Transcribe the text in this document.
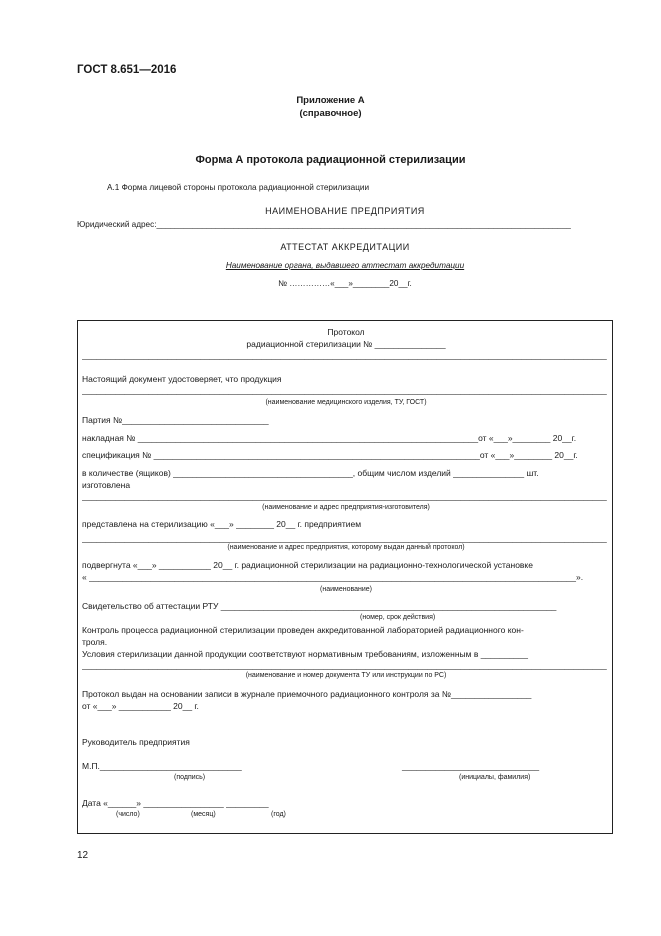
ГОСТ 8.651—2016
Приложение А
(справочное)
Форма А протокола радиационной стерилизации
А.1 Форма лицевой стороны протокола радиационной стерилизации
НАИМЕНОВАНИЕ ПРЕДПРИЯТИЯ
Юридический адрес:___________________________________________________________________________________________
АТТЕСТАТ АККРЕДИТАЦИИ
Наименование органа, выдавшего аттестат аккредитации
№ ……………«___»________20__г.
Протокол
радиационной стерилизации № _______________
_______________________________________________________________________________________________________________
Настоящий документ удостоверяет, что продукция
_______________________________________________________________________________________________________________
(наименование медицинского изделия, ТУ, ГОСТ)
Партия №_______________________________
накладная № ________________________________________________________________________от «___»________ 20__г.
спецификация № _____________________________________________________________________от «___»________ 20__г.
в количестве (ящиков) ______________________________________, общим числом изделий _______________ шт.
изготовлена
_______________________________________________________________________________________________________________
(наименование и адрес предприятия-изготовителя)
представлена на стерилизацию «___» ________ 20__ г. предприятием
_______________________________________________________________________________________________________________
(наименование и адрес предприятия, которому выдан данный протокол)
подвергнута «___» ___________ 20__ г. радиационной стерилизации на радиационно-технологической установке
« _______________________________________________________________________________________________________».
(наименование)
Свидетельство об аттестации РТУ _______________________________________________________________________
(номер, срок действия)
Контроль процесса радиационной стерилизации проведен аккредитованной лабораторией радиационного кон-
троля.
Условия стерилизации данной продукции соответствуют нормативным требованиям, изложенным в __________
_______________________________________________________________________________________________________________
(наименование и номер документа ТУ или инструкции по РС)
Протокол выдан на основании записи в журнале приемочного радиационного контроля за №_________________
от «___» ___________ 20__ г.
Руководитель предприятия
М.П.______________________________	_____________________________
(подпись)	(инициалы, фамилия)
Дата «______» _________________ _________
(число)	(месяц)	(год)
12
